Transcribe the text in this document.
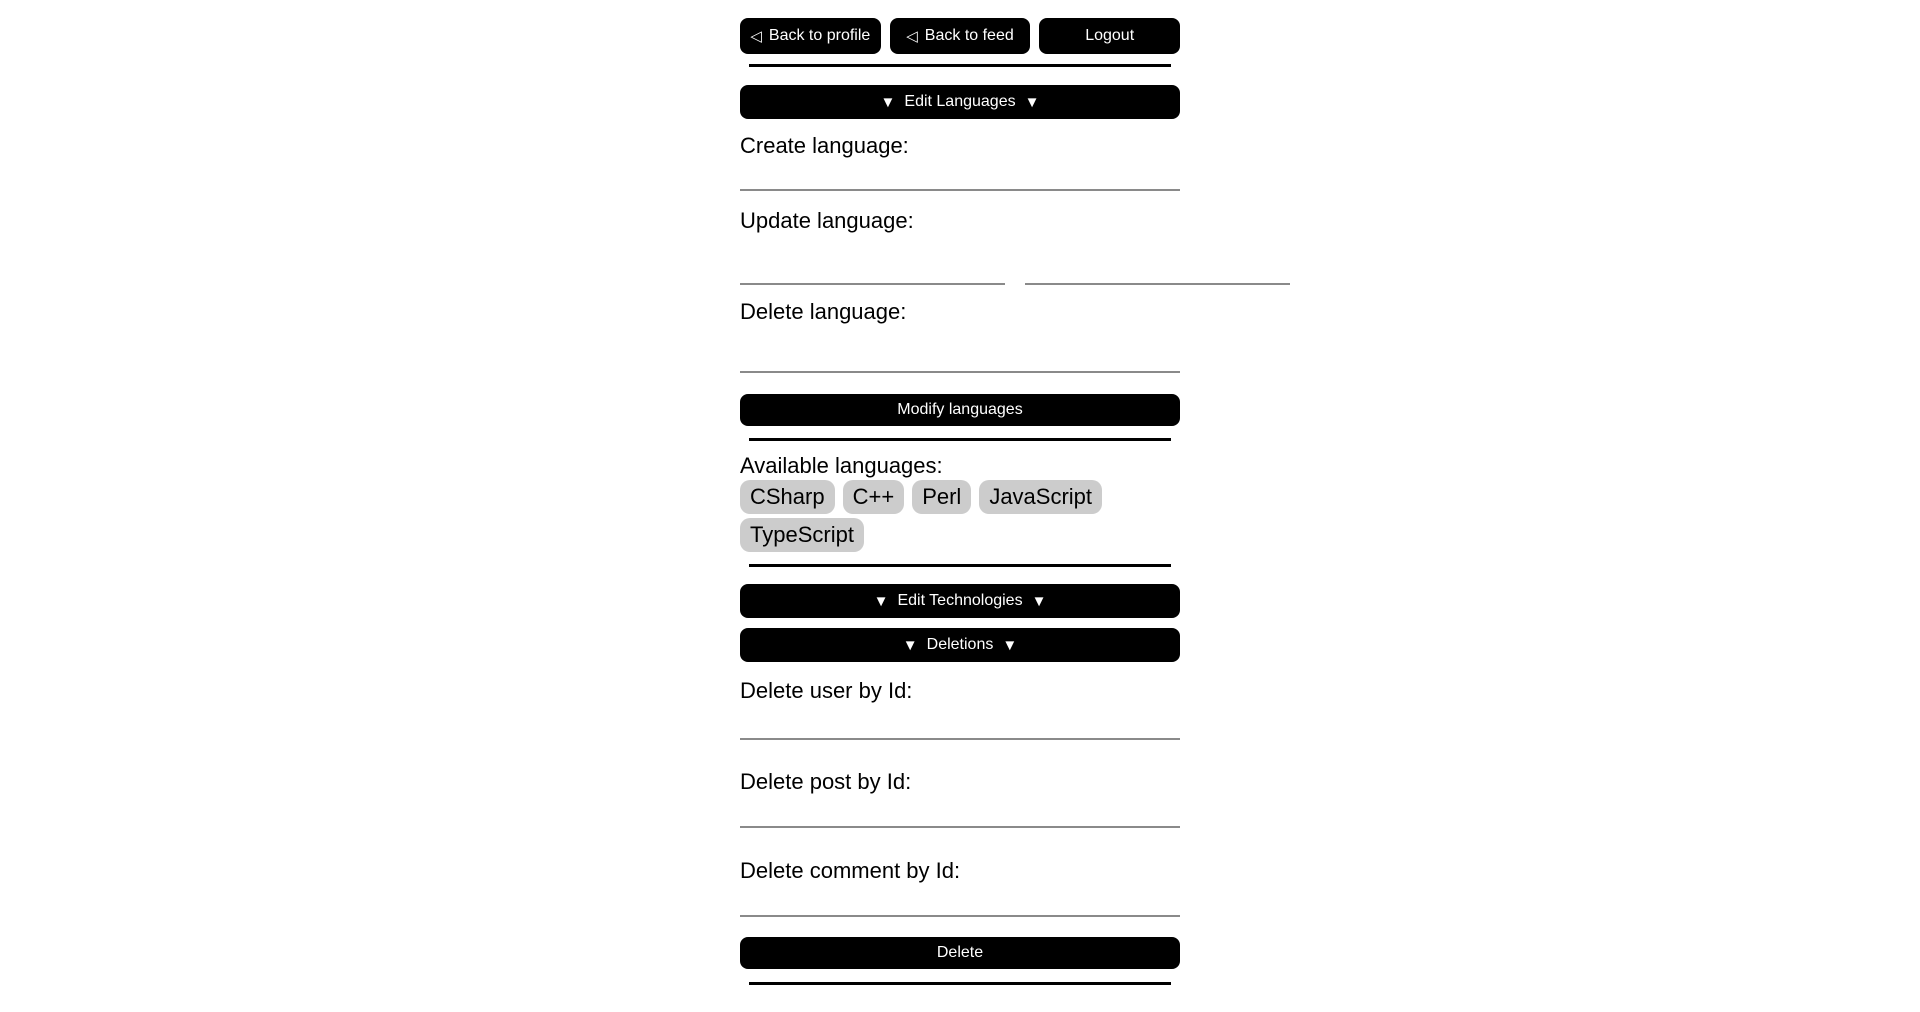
◁ Back to profile ◁ Back to feed	Logout
▼ Edit Languages ▼

Create language:

Update language:

Delete language:

Modify languages

Available languages:

CSharp	C++	Perl	JavaScript
TypeScript
▼ Edit Technologies ▼
▼ Deletions ▼

Delete user by Id:

Delete post by Id:

Delete comment by Id:

Delete
